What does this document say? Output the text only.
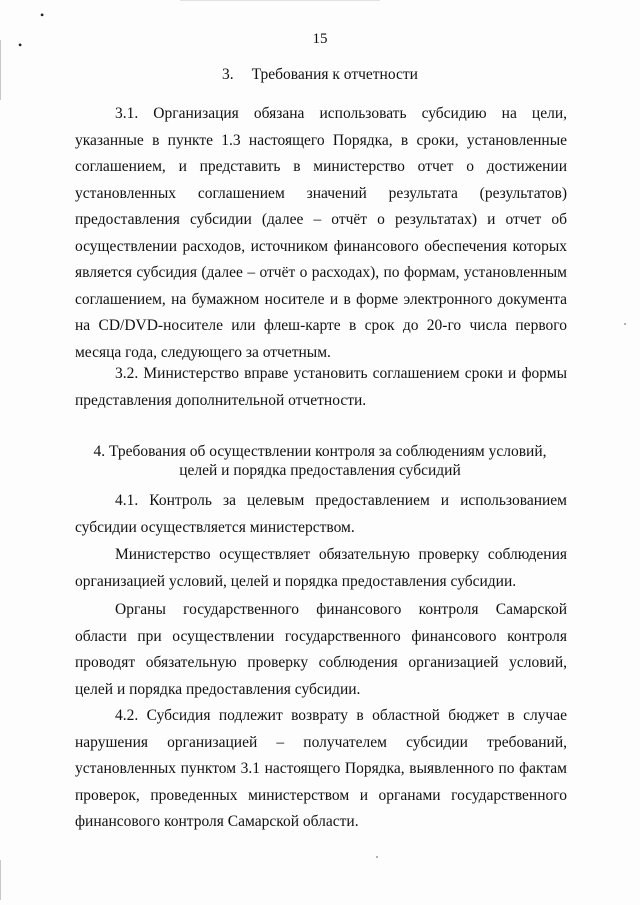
•
•	15
3. Требования к отчетности

3.1. Организация обязана использовать субсидию на цели, указанные в пункте 1.3 настоящего Порядка, в сроки, установленные соглашением, и представить в министерство отчет о достижении установленных соглашением значений результата (результатов) предоставления субсидии (далее – отчёт о результатах) и отчет об осуществлении расходов, источником финансового обеспечения которых является субсидия (далее – отчёт о расходах), по формам, установленным соглашением, на бумажном носителе и в форме электронного документа на CD/DVD-носителе или флеш-карте в срок до 20-го числа первого месяца года, следующего за отчетным.

3.2. Министерство вправе установить соглашением сроки и формы представления дополнительной отчетности.

4. Требования об осуществлении контроля за соблюдениям условий,
целей и порядка предоставления субсидий

4.1. Контроль за целевым предоставлением и использованием субсидии осуществляется министерством.

Министерство осуществляет обязательную проверку соблюдения организацией условий, целей и порядка предоставления субсидии.

Органы государственного финансового контроля Самарской области при осуществлении государственного финансового контроля проводят обязательную проверку соблюдения организацией условий, целей и порядка предоставления субсидии.

4.2. Субсидия подлежит возврату в областной бюджет в случае нарушения организацией – получателем субсидии требований, установленных пунктом 3.1 настоящего Порядка, выявленного по фактам проверок, проведенных министерством и органами государственного финансового контроля Самарской области.
